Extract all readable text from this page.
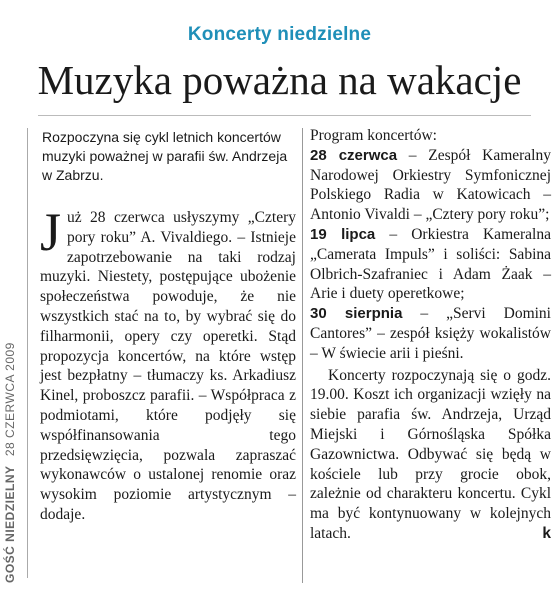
Koncerty niedzielne
Muzyka poważna na wakacje
GOŚĆ NIEDZIELNY 28 CZERWCA 2009
Rozpoczyna się cykl letnich koncertów muzyki poważnej w parafii św. Andrzeja w Zabrzu.
Już 28 czerwca usłyszymy „Cztery pory roku” A. Vivaldiego. – Istnieje zapotrzebowanie na taki rodzaj muzyki. Niestety, postępujące ubożenie społeczeństwa powoduje, że nie wszystkich stać na to, by wybrać się do filharmonii, opery czy operetki. Stąd propozycja koncertów, na które wstęp jest bezpłatny – tłumaczy ks. Arkadiusz Kinel, proboszcz parafii. – Współpraca z podmiotami, które podjęły się współfinansowania tego przedsięwzięcia, pozwala zapraszać wykonawców o ustalonej renomie oraz wysokim poziomie artystycznym – dodaje.

Program koncertów:

28 czerwca – Zespół Kameralny Narodowej Orkiestry Symfonicznej Polskiego Radia w Katowicach – Antonio Vivaldi – „Cztery pory roku”;

19 lipca – Orkiestra Kameralna „Camerata Impuls” i soliści: Sabina Olbrich-Szafraniec i Adam Żaak – Arie i duety operetkowe;

30 sierpnia – „Servi Domini Cantores” – zespół księży wokalistów – W świecie arii i pieśni.

Koncerty rozpoczynają się o godz. 19.00. Koszt ich organizacji wzięły na siebie parafia św. Andrzeja, Urząd Miejski i Górnośląska Spółka Gazownictwa. Odbywać się będą w kościele lub przy grocie obok, zależnie od charakteru koncertu. Cykl ma być kontynuowany w kolejnych latach.	k
